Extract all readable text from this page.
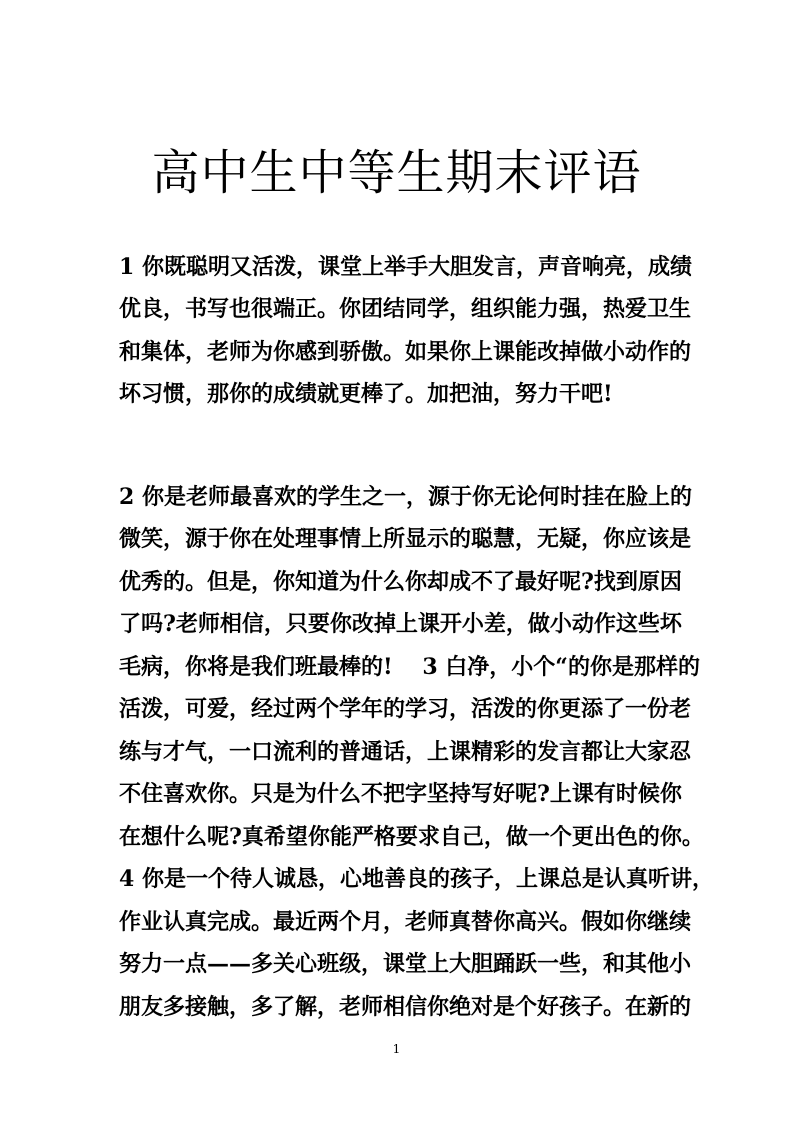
高中生中等生期末评语

1 你既聪明又活泼，课堂上举手大胆发言，声音响亮，成绩

优良，书写也很端正。你团结同学，组织能力强，热爱卫生

和集体，老师为你感到骄傲。如果你上课能改掉做小动作的

坏习惯，那你的成绩就更棒了。加把油，努力干吧!

2 你是老师最喜欢的学生之一，源于你无论何时挂在脸上的

微笑，源于你在处理事情上所显示的聪慧，无疑，你应该是

优秀的。但是，你知道为什么你却成不了最好呢?找到原因

了吗?老师相信，只要你改掉上课开小差，做小动作这些坏

毛病，你将是我们班最棒的!　 3 白净，小个“的你是那样的

活泼，可爱，经过两个学年的学习，活泼的你更添了一份老

练与才气，一口流利的普通话，上课精彩的发言都让大家忍

不住喜欢你。只是为什么不把字坚持写好呢?上课有时候你

在想什么呢?真希望你能严格要求自己，做一个更出色的你。

4 你是一个待人诚恳，心地善良的孩子，上课总是认真听讲，

作业认真完成。最近两个月，老师真替你高兴。假如你继续

努力一点——多关心班级，课堂上大胆踊跃一些，和其他小

朋友多接触，多了解，老师相信你绝对是个好孩子。在新的

1
